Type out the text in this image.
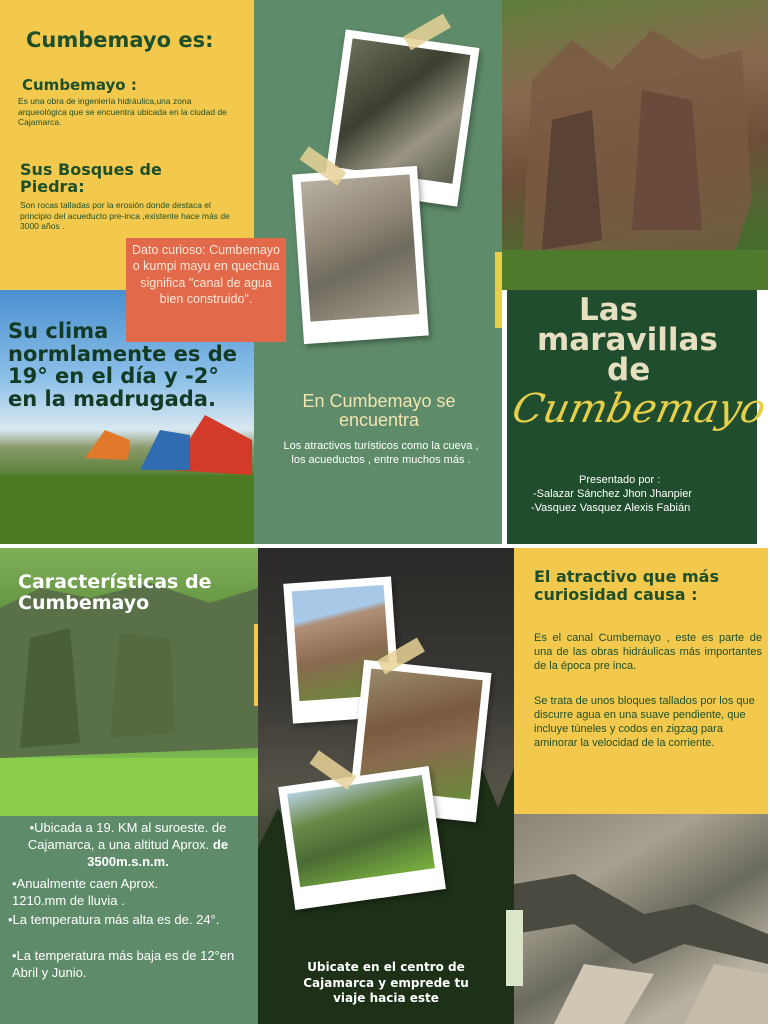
Cumbemayo es:
Cumbemayo :

Es una obra de ingeniería hidráulica,una zona arqueológica que se encuentra ubicada en la ciudad de Cajamarca.

Sus Bosques de Piedra:

Son rocas talladas por la erosión donde destaca el principio del acueducto pre-inca ,existente hace más de 3000 años .

Su clima normlamente es de 19° en el día y -2° en la madrugada.

Dato curioso: Cumbemayo o kumpi mayu en quechua significa "canal de agua bien construido".

En Cumbemayo se encuentra

Los atractivos turísticos como la cueva , los acueductos , entre muchos más .

Las
maravillas
de
Cumbemayo
Presentado por :
-Salazar Sánchez Jhon Jhanpier
-Vasquez Vasquez Alexis Fabián
Características de Cumbemayo

•Ubicada a 19. KM al suroeste. de Cajamarca, a una altitud Aprox. de 3500m.s.n.m.

•Anualmente caen Aprox. 1210.mm de lluvia .

•La temperatura más alta es de. 24°.

•La temperatura más baja es de 12°en Abril y Junio.	Ubicate en el centro de Cajamarca y emprede tu viaje hacia este

El atractivo que más curiosidad causa :

Es el canal Cumbemayo , este es parte de una de las obras hidráulicas más importantes de la época pre inca.

Se trata de unos bloques tallados por los que discurre agua en una suave pendiente, que incluye túneles y codos en zigzag para aminorar la velocidad de la corriente.
